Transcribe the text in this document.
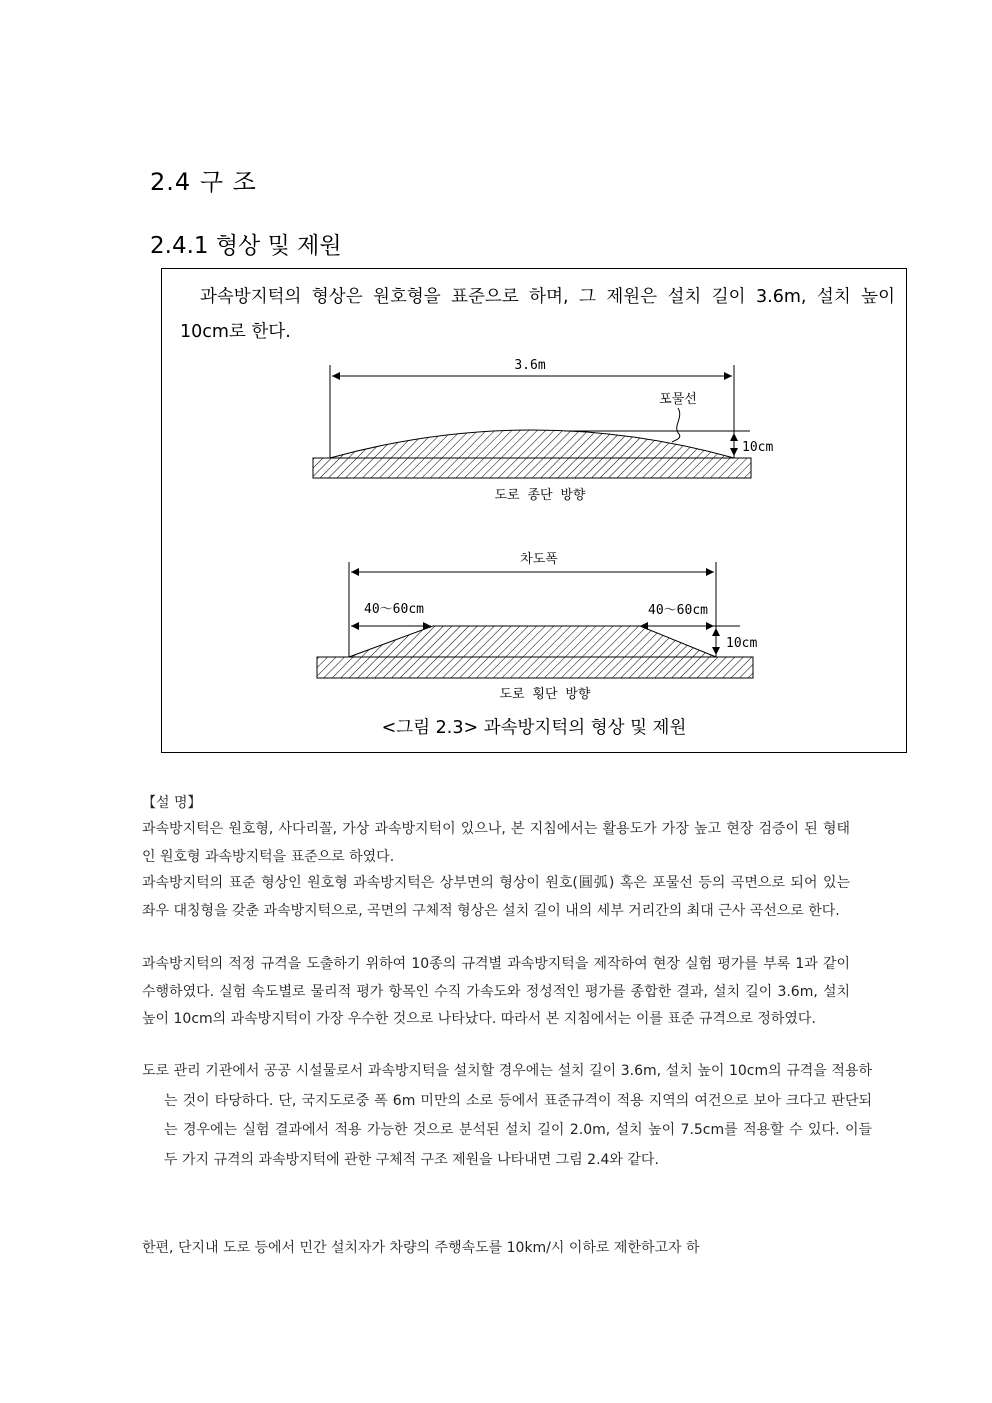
2.4 구 조
2.4.1 형상 및 제원
과속방지턱의 형상은 원호형을 표준으로 하며, 그 제원은 설치 길이 3.6m, 설치 높이 10cm로 한다.
3.6m
포물선
10cm
도로 종단 방향
차도폭
40～60cm	40～60cm
10cm
도로 횡단 방향
<그림 2.3> 과속방지턱의 형상 및 제원
【설 명】

과속방지턱은 원호형, 사다리꼴, 가상 과속방지턱이 있으나, 본 지침에서는 활용도가 가장 높고 현장 검증이 된 형태인 원호형 과속방지턱을 표준으로 하였다.

과속방지턱의 표준 형상인 원호형 과속방지턱은 상부면의 형상이 원호(圓弧) 혹은 포물선 등의 곡면으로 되어 있는 좌우 대칭형을 갖춘 과속방지턱으로, 곡면의 구체적 형상은 설치 길이 내의 세부 거리간의 최대 근사 곡선으로 한다.

과속방지턱의 적정 규격을 도출하기 위하여 10종의 규격별 과속방지턱을 제작하여 현장 실험 평가를 부록 1과 같이 수행하였다. 실험 속도별로 물리적 평가 항목인 수직 가속도와 정성적인 평가를 종합한 결과, 설치 길이 3.6m, 설치 높이 10cm의 과속방지턱이 가장 우수한 것으로 나타났다. 따라서 본 지침에서는 이를 표준 규격으로 정하였다.

도로 관리 기관에서 공공 시설물로서 과속방지턱을 설치할 경우에는 설치 길이 3.6m, 설치 높이 10cm의 규격을 적용하는 것이 타당하다. 단, 국지도로중 폭 6m 미만의 소로 등에서 표준규격이 적용 지역의 여건으로 보아 크다고 판단되는 경우에는 실험 결과에서 적용 가능한 것으로 분석된 설치 길이 2.0m, 설치 높이 7.5cm를 적용할 수 있다. 이들 두 가지 규격의 과속방지턱에 관한 구체적 구조 제원을 나타내면 그림 2.4와 같다.

한편, 단지내 도로 등에서 민간 설치자가 차량의 주행속도를 10km/시 이하로 제한하고자 하
